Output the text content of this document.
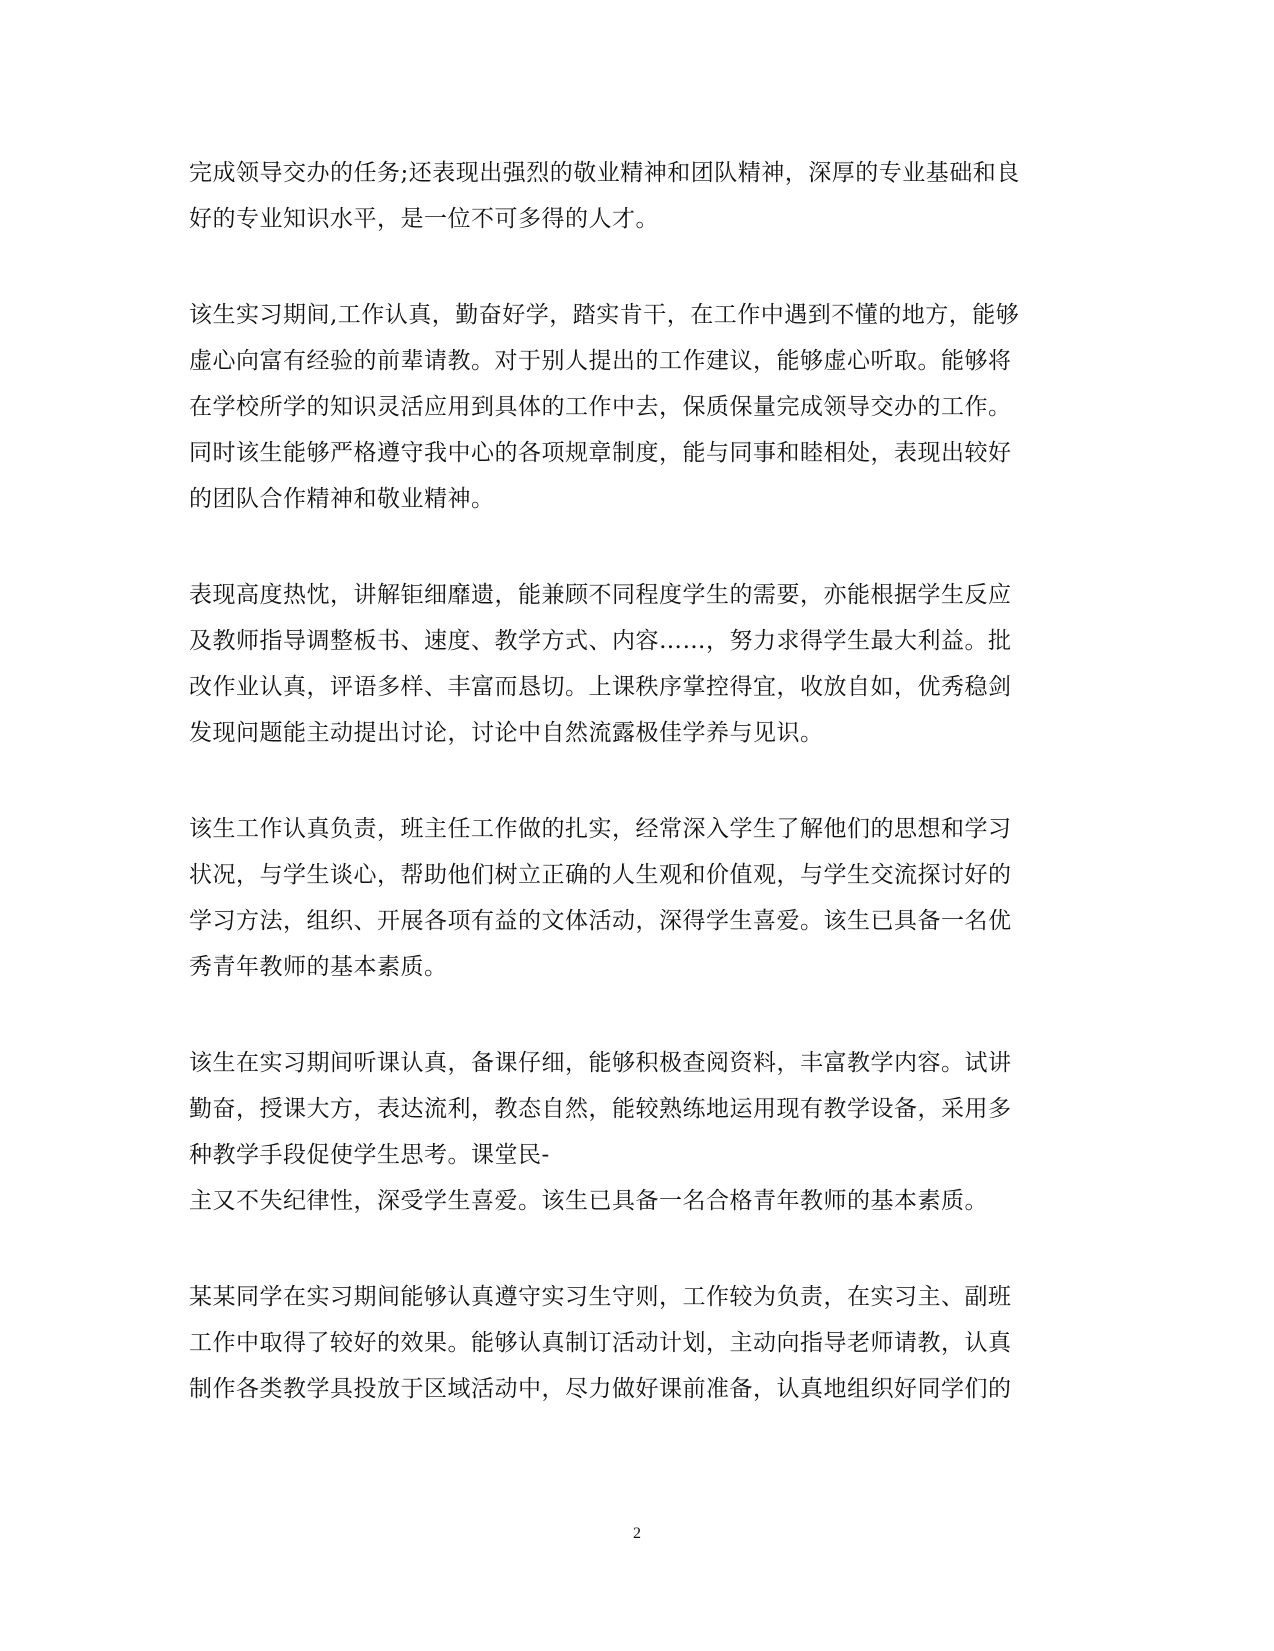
完成领导交办的任务;还表现出强烈的敬业精神和团队精神，深厚的专业基础和良
好的专业知识水平，是一位不可多得的人才。
该生实习期间,工作认真，勤奋好学，踏实肯干，在工作中遇到不懂的地方，能够
虚心向富有经验的前辈请教。对于别人提出的工作建议，能够虚心听取。能够将
在学校所学的知识灵活应用到具体的工作中去，保质保量完成领导交办的工作。
同时该生能够严格遵守我中心的各项规章制度，能与同事和睦相处，表现出较好
的团队合作精神和敬业精神。
表现高度热忱，讲解钜细靡遗，能兼顾不同程度学生的需要，亦能根据学生反应
及教师指导调整板书、速度、教学方式、内容……，努力求得学生最大利益。批
改作业认真，评语多样、丰富而恳切。上课秩序掌控得宜，收放自如，优秀稳剑
发现问题能主动提出讨论，讨论中自然流露极佳学养与见识。
该生工作认真负责，班主任工作做的扎实，经常深入学生了解他们的思想和学习
状况，与学生谈心，帮助他们树立正确的人生观和价值观，与学生交流探讨好的
学习方法，组织、开展各项有益的文体活动，深得学生喜爱。该生已具备一名优
秀青年教师的基本素质。
该生在实习期间听课认真，备课仔细，能够积极查阅资料，丰富教学内容。试讲
勤奋，授课大方，表达流利，教态自然，能较熟练地运用现有教学设备，采用多
种教学手段促使学生思考。课堂民-
主又不失纪律性，深受学生喜爱。该生已具备一名合格青年教师的基本素质。
某某同学在实习期间能够认真遵守实习生守则，工作较为负责，在实习主、副班
工作中取得了较好的效果。能够认真制订活动计划，主动向指导老师请教，认真
制作各类教学具投放于区域活动中，尽力做好课前准备，认真地组织好同学们的
2
